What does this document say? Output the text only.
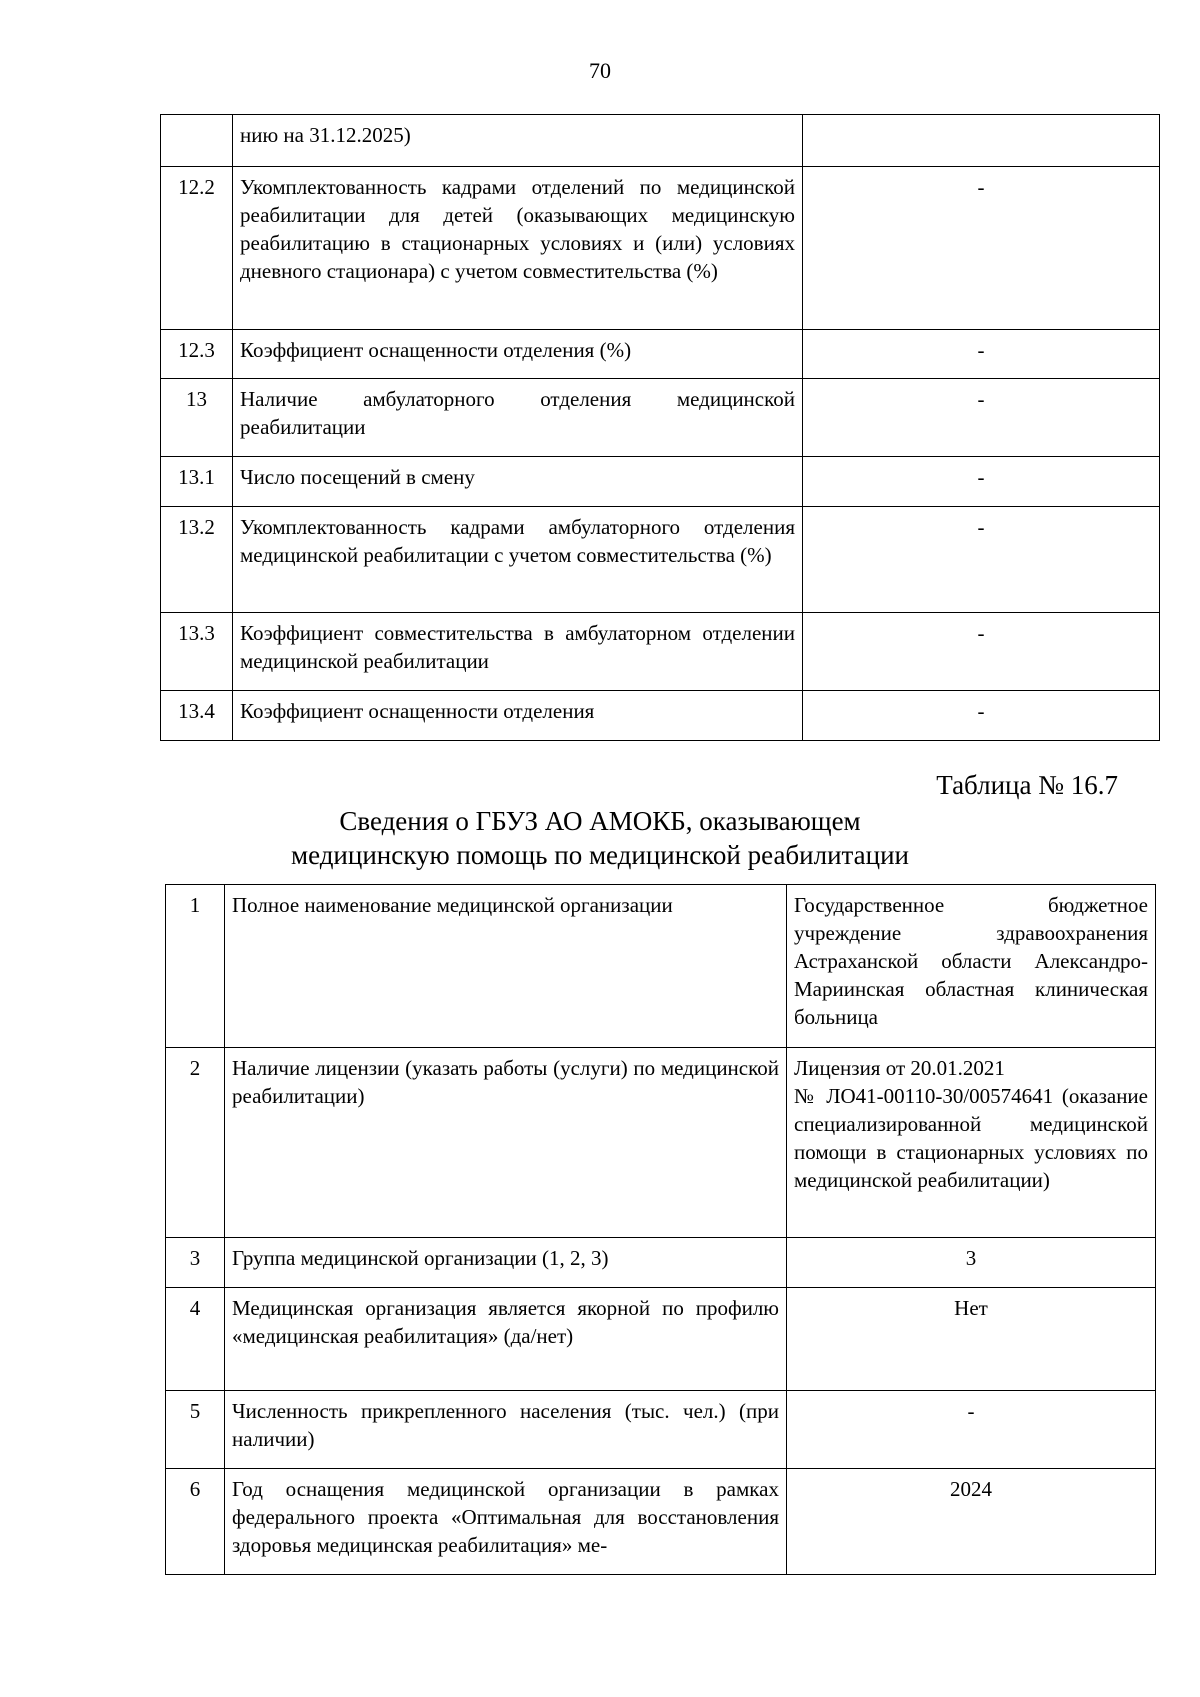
70
	нию на 31.12.2025)	
12.2	Укомплектованность кадрами отделений по медицинской реабилитации для детей (оказывающих медицинскую реабилитацию в стационарных условиях и (или) условиях дневного стационара) с учетом совместительства (%)	-
12.3	Коэффициент оснащенности отделения (%)	-
13	Наличие амбулаторного отделения медицинской реабилитации	-
13.1	Число посещений в смену	-
13.2	Укомплектованность кадрами амбулаторного отделения медицинской реабилитации с учетом совместительства (%)	-
13.3	Коэффициент совместительства в амбулаторном отделении медицинской реабилитации	-
13.4	Коэффициент оснащенности отделения	-
Таблица № 16.7
Сведения о ГБУЗ АО АМОКБ, оказывающем
медицинскую помощь по медицинской реабилитации
1	Полное наименование медицинской организации	Государственное бюджетное учреждение здравоохранения Астраханской области Александро-Мариинская областная клиническая больница
2	Наличие лицензии (указать работы (услуги) по медицинской реабилитации)	Лицензия от 20.01.2021
№ ЛО41-00110-30/00574641 (оказание специализированной медицинской помощи в стационарных условиях по медицинской реабилитации)

3	Группа медицинской организации (1, 2, 3)	3
4	Медицинская организация является якорной по профилю «медицинская реабилитация» (да/нет)	Нет
5	Численность прикрепленного населения (тыс. чел.) (при наличии)	-
6	Год оснащения медицинской организации в рамках федерального проекта «Оптимальная для восстановления здоровья медицинская реабилитация» ме-	2024
